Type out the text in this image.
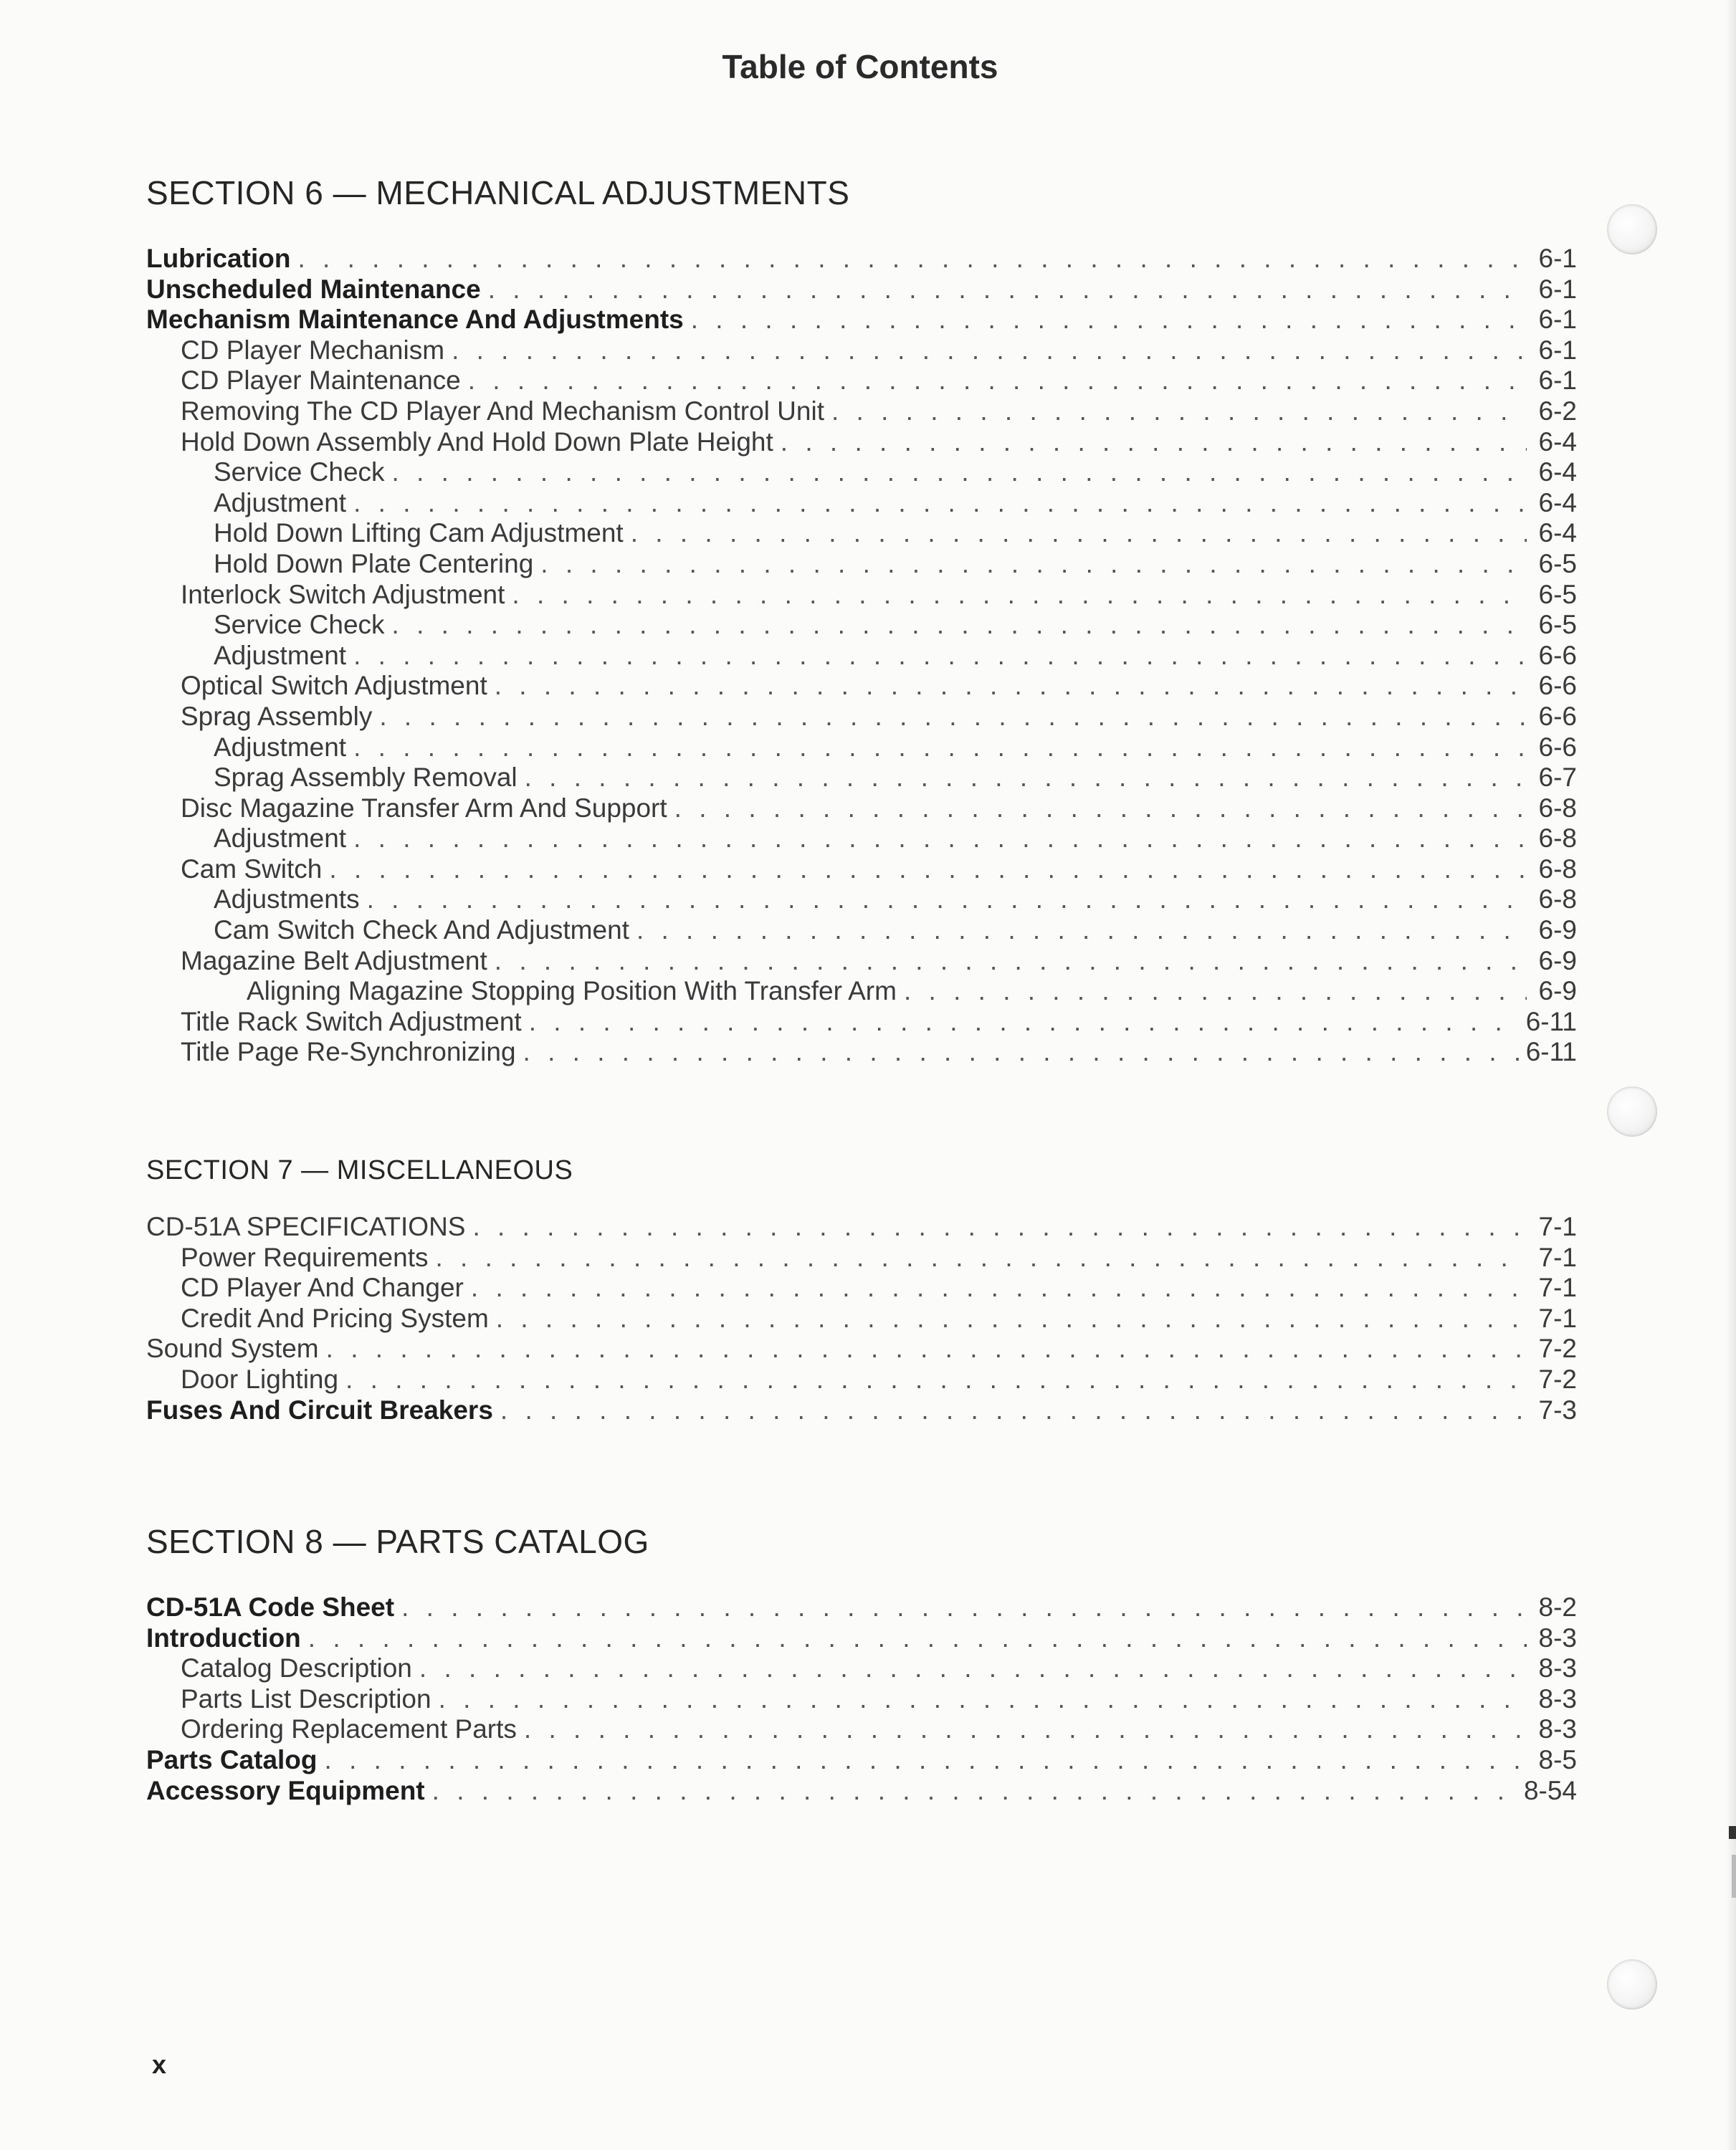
Table of Contents
SECTION 6 — MECHANICAL ADJUSTMENTS
Lubrication . . .	6-1
Unscheduled Maintenance . . .	6-1
Mechanism Maintenance And Adjustments . . .	6-1
CD Player Mechanism . . .	6-1
CD Player Maintenance . . .	6-1
Removing The CD Player And Mechanism Control Unit . . .	6-2
Hold Down Assembly And Hold Down Plate Height . . .	6-4
Service Check . . .	6-4
Adjustment . . .	6-4
Hold Down Lifting Cam Adjustment . . .	6-4
Hold Down Plate Centering . . .	6-5
Interlock Switch Adjustment . . .	6-5
Service Check . . .	6-5
Adjustment . . .	6-6
Optical Switch Adjustment . . .	6-6
Sprag Assembly . . .	6-6
Adjustment . . .	6-6
Sprag Assembly Removal . . .	6-7
Disc Magazine Transfer Arm And Support . . .	6-8
Adjustment . . .	6-8
Cam Switch . . .	6-8
Adjustments . . .	6-8
Cam Switch Check And Adjustment . . .	6-9
Magazine Belt Adjustment . . .	6-9
Aligning Magazine Stopping Position With Transfer Arm . . .	6-9
Title Rack Switch Adjustment . . .	6-11
Title Page Re-Synchronizing . . .	6-11
SECTION 7 — MISCELLANEOUS
CD-51A SPECIFICATIONS . . .	7-1
Power Requirements . . .	7-1
CD Player And Changer . . .	7-1
Credit And Pricing System . . .	7-1
Sound System . . .	7-2
Door Lighting . . .	7-2
Fuses And Circuit Breakers . . .	7-3
SECTION 8 — PARTS CATALOG
CD-51A Code Sheet . . .	8-2
Introduction . . .	8-3
Catalog Description . . .	8-3
Parts List Description . . .	8-3
Ordering Replacement Parts . . .	8-3
Parts Catalog . . .	8-5
Accessory Equipment . . .	8-54
x
